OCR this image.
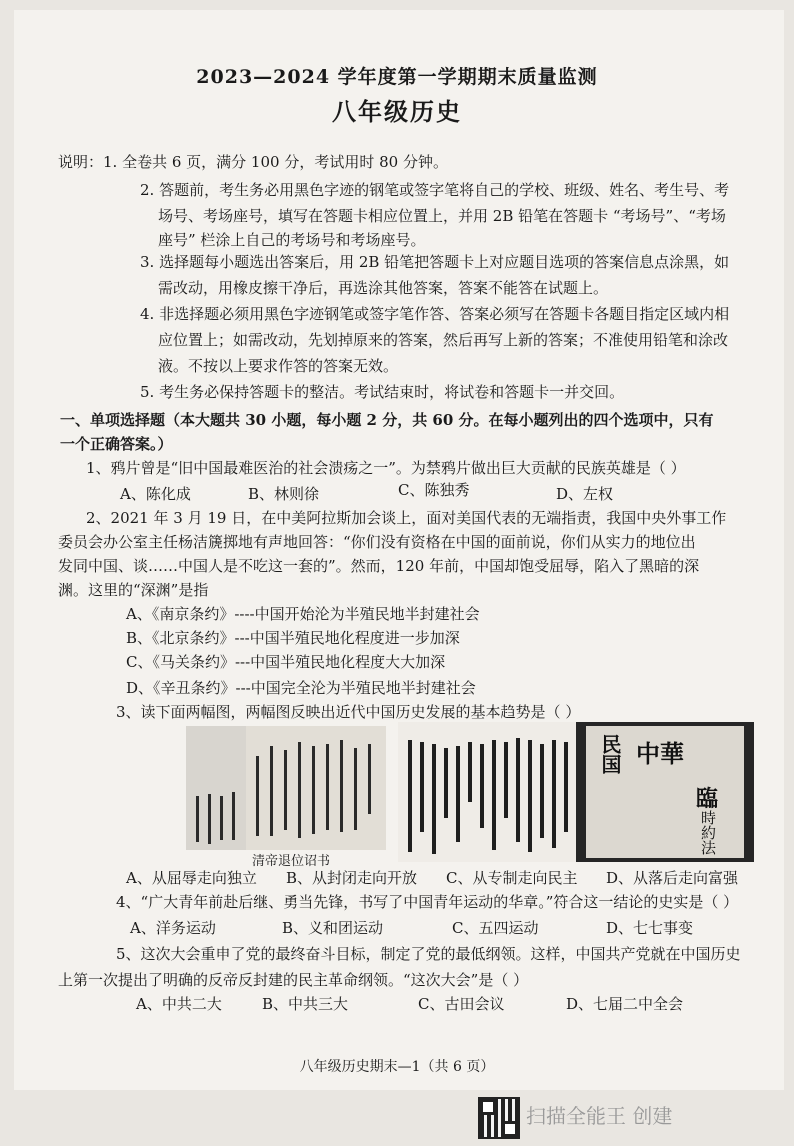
2023—2024 学年度第一学期期末质量监测
八年级历史
说明：1. 全卷共 6 页，满分 100 分，考试用时 80 分钟。
2. 答题前，考生务必用黑色字迹的钢笔或签字笔将自己的学校、班级、姓名、考生号、考
场号、考场座号，填写在答题卡相应位置上，并用 2B 铅笔在答题卡 “考场号”、“考场
座号” 栏涂上自己的考场号和考场座号。
3. 选择题每小题选出答案后，用 2B 铅笔把答题卡上对应题目选项的答案信息点涂黑，如
需改动，用橡皮擦干净后，再选涂其他答案，答案不能答在试题上。
4. 非选择题必须用黑色字迹钢笔或签字笔作答、答案必须写在答题卡各题目指定区域内相
应位置上；如需改动，先划掉原来的答案，然后再写上新的答案；不准使用铅笔和涂改
液。不按以上要求作答的答案无效。
5. 考生务必保持答题卡的整洁。考试结束时，将试卷和答题卡一并交回。
一、单项选择题（本大题共 30 小题，每小题 2 分，共 60 分。在每小题列出的四个选项中，只有
一个正确答案。）
1、鸦片曾是“旧中国最难医治的社会溃疡之一”。为禁鸦片做出巨大贡献的民族英雄是（ ）
A、陈化成	B、林则徐	C、陈独秀	D、左权
2、2021 年 3 月 19 日，在中美阿拉斯加会谈上，面对美国代表的无端指责，我国中央外事工作
委员会办公室主任杨洁篪掷地有声地回答：“你们没有资格在中国的面前说，你们从实力的地位出
发同中国、谈……中国人是不吃这一套的”。然而，120 年前，中国却饱受屈辱，陷入了黑暗的深
渊。这里的“深渊”是指
A、《南京条约》----中国开始沦为半殖民地半封建社会
B、《北京条约》---中国半殖民地化程度进一步加深
C、《马关条约》---中国半殖民地化程度大大加深
D、《辛丑条约》---中国完全沦为半殖民地半封建社会
3、读下面两幅图，两幅图反映出近代中国历史发展的基本趋势是（ ）
清帝退位诏书
中華
民国
臨
時約法
A、从屈辱走向独立 B、从封闭走向开放 C、从专制走向民主 D、从落后走向富强
4、“广大青年前赴后继、勇当先锋，书写了中国青年运动的华章。”符合这一结论的史实是（ ）
A、洋务运动	B、义和团运动	C、五四运动	D、七七事变
5、这次大会重申了党的最终奋斗目标，制定了党的最低纲领。这样，中国共产党就在中国历史
上第一次提出了明确的反帝反封建的民主革命纲领。“这次大会”是（ ）
A、中共二大	B、中共三大	C、古田会议	D、七届二中全会
八年级历史期末—1（共 6 页）
扫描全能王 创建
